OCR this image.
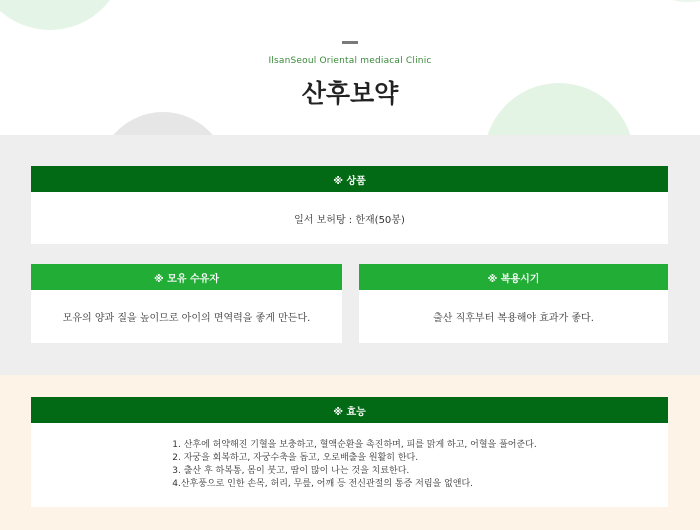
IlsanSeoul Oriental mediacal Clinic
산후보약
※ 상품
일서 보허탕 : 한재(50봉)
※ 모유 수유자
모유의 양과 질을 높이므로 아이의 면역력을 좋게 만든다.
※ 복용시기
출산 직후부터 복용해야 효과가 좋다.
※ 효능
1. 산후에 허약해진 기혈을 보충하고, 혈액순환을 촉진하며, 피를 맑게 하고, 어혈을 풀어준다.
2. 자궁을 회복하고, 자궁수축을 돕고, 오로배출을 원활히 한다.
3. 출산 후 하복통, 몸이 붓고, 땀이 많이 나는 것을 치료한다.
4.산후풍으로 인한 손목, 허리, 무릎, 어깨 등 전신관절의 통증 저림을 없앤다.
